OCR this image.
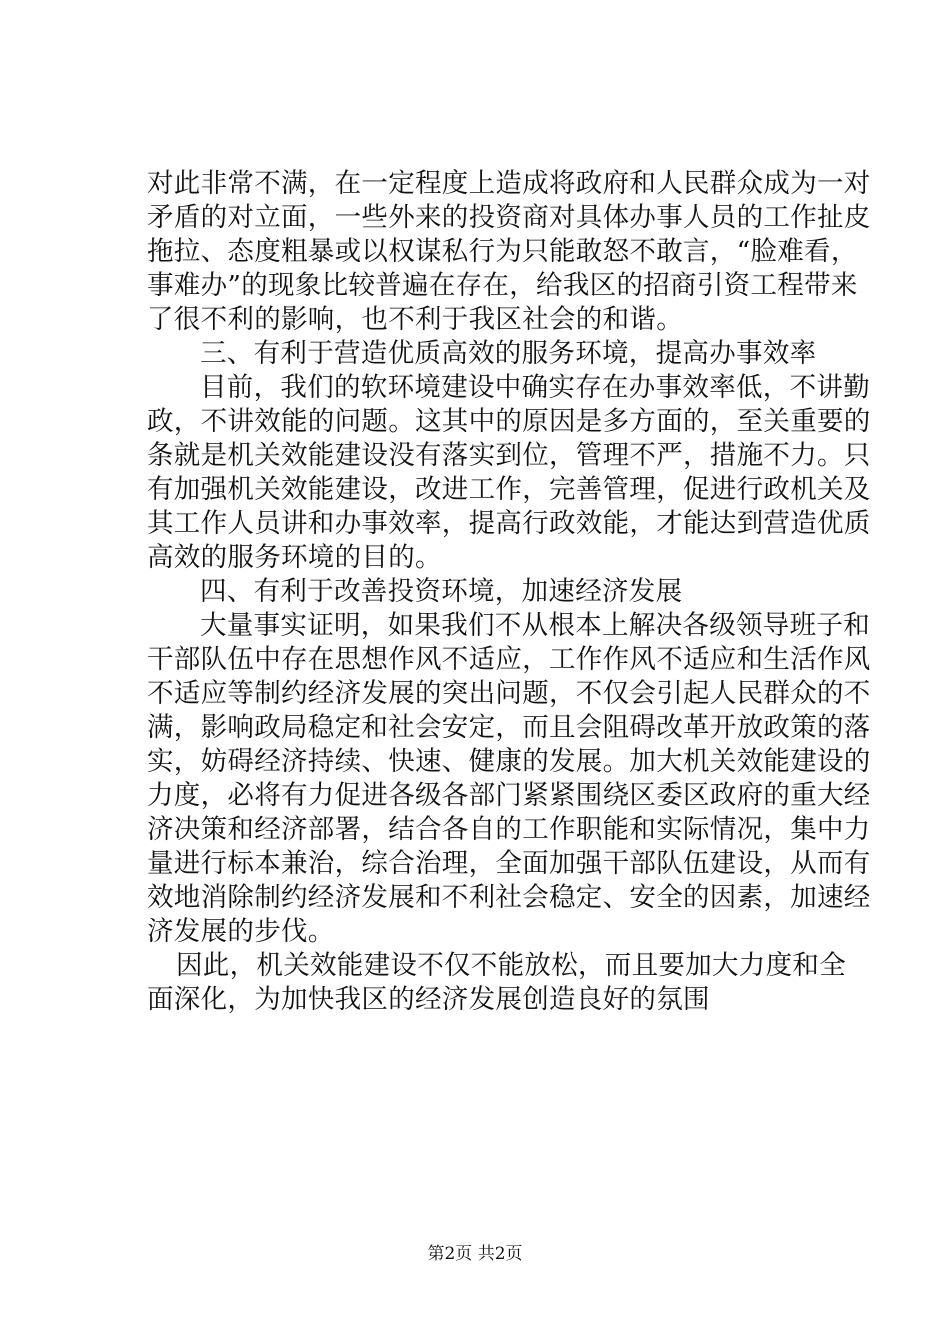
对此非常不满，在一定程度上造成将政府和人民群众成为一对
矛盾的对立面，一些外来的投资商对具体办事人员的工作扯皮
拖拉、态度粗暴或以权谋私行为只能敢怒不敢言，“脸难看，
事难办”的现象比较普遍在存在，给我区的招商引资工程带来
了很不利的影响，也不利于我区社会的和谐。
三、有利于营造优质高效的服务环境，提高办事效率
目前，我们的软环境建设中确实存在办事效率低，不讲勤
政，不讲效能的问题。这其中的原因是多方面的，至关重要的
条就是机关效能建设没有落实到位，管理不严，措施不力。只
有加强机关效能建设，改进工作，完善管理，促进行政机关及
其工作人员讲和办事效率，提高行政效能，才能达到营造优质
高效的服务环境的目的。
四、有利于改善投资环境，加速经济发展
大量事实证明，如果我们不从根本上解决各级领导班子和
干部队伍中存在思想作风不适应，工作作风不适应和生活作风
不适应等制约经济发展的突出问题，不仅会引起人民群众的不
满，影响政局稳定和社会安定，而且会阻碍改革开放政策的落
实，妨碍经济持续、快速、健康的发展。加大机关效能建设的
力度，必将有力促进各级各部门紧紧围绕区委区政府的重大经
济决策和经济部署，结合各自的工作职能和实际情况，集中力
量进行标本兼治，综合治理，全面加强干部队伍建设，从而有
效地消除制约经济发展和不利社会稳定、安全的因素，加速经
济发展的步伐。
因此，机关效能建设不仅不能放松，而且要加大力度和全
面深化，为加快我区的经济发展创造良好的氛围
第2页 共2页
